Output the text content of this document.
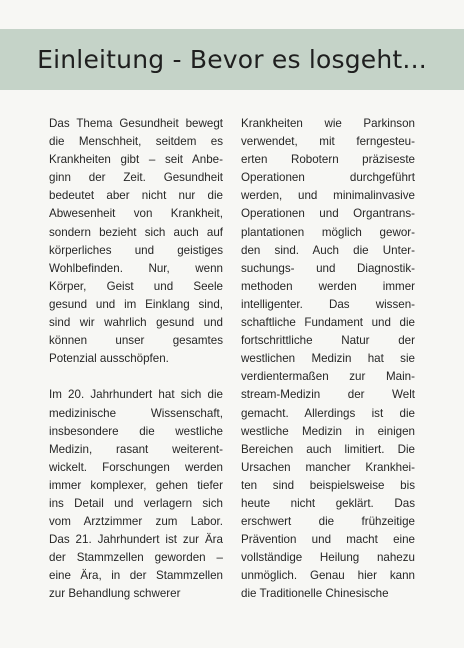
Einleitung - Bevor es losgeht...
Das Thema Gesundheit bewegt
die Menschheit, seitdem es
Krankheiten gibt – seit Anbe-
ginn der Zeit. Gesundheit
bedeutet aber nicht nur die
Abwesenheit von Krankheit,
sondern bezieht sich auch auf
körperliches und geistiges
Wohlbefinden. Nur, wenn
Körper, Geist und Seele
gesund und im Einklang sind,
sind wir wahrlich gesund und
können unser gesamtes
Potenzial ausschöpfen.
Im 20. Jahrhundert hat sich die
medizinische Wissenschaft,
insbesondere die westliche
Medizin, rasant weiterent-
wickelt. Forschungen werden
immer komplexer, gehen tiefer
ins Detail und verlagern sich
vom Arztzimmer zum Labor.
Das 21. Jahrhundert ist zur Ära
der Stammzellen geworden –
eine Ära, in der Stammzellen
zur Behandlung schwerer
Krankheiten wie Parkinson
verwendet, mit ferngesteu-
erten Robotern präziseste
Operationen durchgeführt
werden, und minimalinvasive
Operationen und Organtrans-
plantationen möglich gewor-
den sind. Auch die Unter-
suchungs- und Diagnostik-
methoden werden immer
intelligenter. Das wissen-
schaftliche Fundament und die
fortschrittliche Natur der
westlichen Medizin hat sie
verdientermaßen zur Main-
stream-Medizin der Welt
gemacht. Allerdings ist die
westliche Medizin in einigen
Bereichen auch limitiert. Die
Ursachen mancher Krankhei-
ten sind beispielsweise bis
heute nicht geklärt. Das
erschwert die frühzeitige
Prävention und macht eine
vollständige Heilung nahezu
unmöglich. Genau hier kann
die Traditionelle Chinesische
